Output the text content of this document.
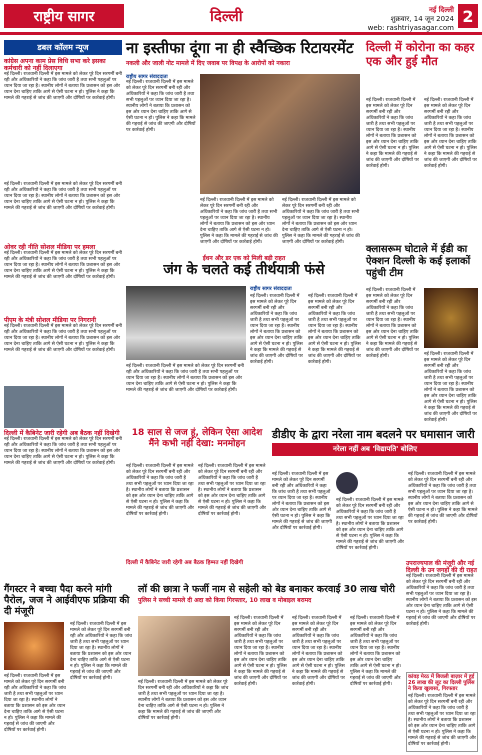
राष्ट्रीय सागर	दिल्ली	नई दिल्ली
शुक्रवार, 14 जून 2024
web: rashtriyasagar.com
2
डबल कॉलम न्यूज
कांग्रेस अपना काम प्रेस विधि सभा करे इसका कर्मचारी को नहीं दिलाएगा
नई दिल्ली। राजधानी दिल्ली में इस मामले को लेकर पूरे दिन सरगर्मी बनी रही और अधिकारियों ने कहा कि जांच जारी है तथा सभी पहलुओं पर ध्यान दिया जा रहा है। स्थानीय लोगों ने बताया कि प्रशासन को इस ओर ध्यान देना चाहिए ताकि आगे से ऐसी घटना न हो। पुलिस ने कहा कि मामले की गहराई से जांच की जाएगी और दोषियों पर कार्रवाई होगी।
नई दिल्ली। राजधानी दिल्ली में इस मामले को लेकर पूरे दिन सरगर्मी बनी रही और अधिकारियों ने कहा कि जांच जारी है तथा सभी पहलुओं पर ध्यान दिया जा रहा है। स्थानीय लोगों ने बताया कि प्रशासन को इस ओर ध्यान देना चाहिए ताकि आगे से ऐसी घटना न हो। पुलिस ने कहा कि मामले की गहराई से जांच की जाएगी और दोषियों पर कार्रवाई होगी।
ओवर रही नीति सोशल मीडिया पर हमला
नई दिल्ली। राजधानी दिल्ली में इस मामले को लेकर पूरे दिन सरगर्मी बनी रही और अधिकारियों ने कहा कि जांच जारी है तथा सभी पहलुओं पर ध्यान दिया जा रहा है। स्थानीय लोगों ने बताया कि प्रशासन को इस ओर ध्यान देना चाहिए ताकि आगे से ऐसी घटना न हो। पुलिस ने कहा कि मामले की गहराई से जांच की जाएगी और दोषियों पर कार्रवाई होगी।
पीएम के मंत्री सोशल मीडिया पर निगरानी
नई दिल्ली। राजधानी दिल्ली में इस मामले को लेकर पूरे दिन सरगर्मी बनी रही और अधिकारियों ने कहा कि जांच जारी है तथा सभी पहलुओं पर ध्यान दिया जा रहा है। स्थानीय लोगों ने बताया कि प्रशासन को इस ओर ध्यान देना चाहिए ताकि आगे से ऐसी घटना न हो। पुलिस ने कहा कि मामले की गहराई से जांच की जाएगी और दोषियों पर कार्रवाई होगी।
दिल्ली में कैबिनेट जारी रहेगी अब बैठक नहीं दिखेगी
नई दिल्ली। राजधानी दिल्ली में इस मामले को लेकर पूरे दिन सरगर्मी बनी रही और अधिकारियों ने कहा कि जांच जारी है तथा सभी पहलुओं पर ध्यान दिया जा रहा है। स्थानीय लोगों ने बताया कि प्रशासन को इस ओर ध्यान देना चाहिए ताकि आगे से ऐसी घटना न हो। पुलिस ने कहा कि मामले की गहराई से जांच की जाएगी और दोषियों पर कार्रवाई होगी।
ना इस्तीफा दूंगा ना ही स्वैच्छिक रिटायरमेंट
नकली और जाली नोट मामले में दिए जवाब पर विपक्ष के आरोपों को नकारा
राष्ट्रीय सागर संवाददाता
नई दिल्ली। राजधानी दिल्ली में इस मामले को लेकर पूरे दिन सरगर्मी बनी रही और अधिकारियों ने कहा कि जांच जारी है तथा सभी पहलुओं पर ध्यान दिया जा रहा है। स्थानीय लोगों ने बताया कि प्रशासन को इस ओर ध्यान देना चाहिए ताकि आगे से ऐसी घटना न हो। पुलिस ने कहा कि मामले की गहराई से जांच की जाएगी और दोषियों पर कार्रवाई होगी।
नई दिल्ली। राजधानी दिल्ली में इस मामले को लेकर पूरे दिन सरगर्मी बनी रही और अधिकारियों ने कहा कि जांच जारी है तथा सभी पहलुओं पर ध्यान दिया जा रहा है। स्थानीय लोगों ने बताया कि प्रशासन को इस ओर ध्यान देना चाहिए ताकि आगे से ऐसी घटना न हो। पुलिस ने कहा कि मामले की गहराई से जांच की जाएगी और दोषियों पर कार्रवाई होगी।
नई दिल्ली। राजधानी दिल्ली में इस मामले को लेकर पूरे दिन सरगर्मी बनी रही और अधिकारियों ने कहा कि जांच जारी है तथा सभी पहलुओं पर ध्यान दिया जा रहा है। स्थानीय लोगों ने बताया कि प्रशासन को इस ओर ध्यान देना चाहिए ताकि आगे से ऐसी घटना न हो। पुलिस ने कहा कि मामले की गहराई से जांच की जाएगी और दोषियों पर कार्रवाई होगी।
दिल्ली में कोरोना का कहर एक और हुई मौत
नई दिल्ली। राजधानी दिल्ली में इस मामले को लेकर पूरे दिन सरगर्मी बनी रही और अधिकारियों ने कहा कि जांच जारी है तथा सभी पहलुओं पर ध्यान दिया जा रहा है। स्थानीय लोगों ने बताया कि प्रशासन को इस ओर ध्यान देना चाहिए ताकि आगे से ऐसी घटना न हो। पुलिस ने कहा कि मामले की गहराई से जांच की जाएगी और दोषियों पर कार्रवाई होगी।
नई दिल्ली। राजधानी दिल्ली में इस मामले को लेकर पूरे दिन सरगर्मी बनी रही और अधिकारियों ने कहा कि जांच जारी है तथा सभी पहलुओं पर ध्यान दिया जा रहा है। स्थानीय लोगों ने बताया कि प्रशासन को इस ओर ध्यान देना चाहिए ताकि आगे से ऐसी घटना न हो। पुलिस ने कहा कि मामले की गहराई से जांच की जाएगी और दोषियों पर कार्रवाई होगी।
ईंधन और डर एक को मिली बड़ी राहत
जंग के चलते कई तीर्थयात्री फंसे
राष्ट्रीय सागर संवाददाता
नई दिल्ली। राजधानी दिल्ली में इस मामले को लेकर पूरे दिन सरगर्मी बनी रही और अधिकारियों ने कहा कि जांच जारी है तथा सभी पहलुओं पर ध्यान दिया जा रहा है। स्थानीय लोगों ने बताया कि प्रशासन को इस ओर ध्यान देना चाहिए ताकि आगे से ऐसी घटना न हो। पुलिस ने कहा कि मामले की गहराई से जांच की जाएगी और दोषियों पर कार्रवाई होगी।
नई दिल्ली। राजधानी दिल्ली में इस मामले को लेकर पूरे दिन सरगर्मी बनी रही और अधिकारियों ने कहा कि जांच जारी है तथा सभी पहलुओं पर ध्यान दिया जा रहा है। स्थानीय लोगों ने बताया कि प्रशासन को इस ओर ध्यान देना चाहिए ताकि आगे से ऐसी घटना न हो। पुलिस ने कहा कि मामले की गहराई से जांच की जाएगी और दोषियों पर कार्रवाई होगी।
नई दिल्ली। राजधानी दिल्ली में इस मामले को लेकर पूरे दिन सरगर्मी बनी रही और अधिकारियों ने कहा कि जांच जारी है तथा सभी पहलुओं पर ध्यान दिया जा रहा है। स्थानीय लोगों ने बताया कि प्रशासन को इस ओर ध्यान देना चाहिए ताकि आगे से ऐसी घटना न हो। पुलिस ने कहा कि मामले की गहराई से जांच की जाएगी और दोषियों पर कार्रवाई होगी।
क्लासरूम घोटाले में ईडी का ऐक्शन दिल्ली के कई इलाकों पहुंची टीम
नई दिल्ली। राजधानी दिल्ली में इस मामले को लेकर पूरे दिन सरगर्मी बनी रही और अधिकारियों ने कहा कि जांच जारी है तथा सभी पहलुओं पर ध्यान दिया जा रहा है। स्थानीय लोगों ने बताया कि प्रशासन को इस ओर ध्यान देना चाहिए ताकि आगे से ऐसी घटना न हो। पुलिस ने कहा कि मामले की गहराई से जांच की जाएगी और दोषियों पर कार्रवाई होगी।	नई दिल्ली। राजधानी दिल्ली में इस मामले को लेकर पूरे दिन सरगर्मी बनी रही और अधिकारियों ने कहा कि जांच जारी है तथा सभी पहलुओं पर ध्यान दिया जा रहा है। स्थानीय लोगों ने बताया कि प्रशासन को इस ओर ध्यान देना चाहिए ताकि आगे से ऐसी घटना न हो। पुलिस ने कहा कि मामले की गहराई से जांच की जाएगी और दोषियों पर कार्रवाई होगी।
18 साल से जज हूं, लेकिन ऐसा आदेश मैंने कभी नहीं देखा: मनमोहन
नई दिल्ली। राजधानी दिल्ली में इस मामले को लेकर पूरे दिन सरगर्मी बनी रही और अधिकारियों ने कहा कि जांच जारी है तथा सभी पहलुओं पर ध्यान दिया जा रहा है। स्थानीय लोगों ने बताया कि प्रशासन को इस ओर ध्यान देना चाहिए ताकि आगे से ऐसी घटना न हो। पुलिस ने कहा कि मामले की गहराई से जांच की जाएगी और दोषियों पर कार्रवाई होगी।
नई दिल्ली। राजधानी दिल्ली में इस मामले को लेकर पूरे दिन सरगर्मी बनी रही और अधिकारियों ने कहा कि जांच जारी है तथा सभी पहलुओं पर ध्यान दिया जा रहा है। स्थानीय लोगों ने बताया कि प्रशासन को इस ओर ध्यान देना चाहिए ताकि आगे से ऐसी घटना न हो। पुलिस ने कहा कि मामले की गहराई से जांच की जाएगी और दोषियों पर कार्रवाई होगी।
डीडीए के द्वारा नरेला नाम बदलने पर घमासान जारी
नरेला नहीं अब 'विद्यापति' बोलिए
नई दिल्ली। राजधानी दिल्ली में इस मामले को लेकर पूरे दिन सरगर्मी बनी रही और अधिकारियों ने कहा कि जांच जारी है तथा सभी पहलुओं पर ध्यान दिया जा रहा है। स्थानीय लोगों ने बताया कि प्रशासन को इस ओर ध्यान देना चाहिए ताकि आगे से ऐसी घटना न हो। पुलिस ने कहा कि मामले की गहराई से जांच की जाएगी और दोषियों पर कार्रवाई होगी।
नई दिल्ली। राजधानी दिल्ली में इस मामले को लेकर पूरे दिन सरगर्मी बनी रही और अधिकारियों ने कहा कि जांच जारी है तथा सभी पहलुओं पर ध्यान दिया जा रहा है। स्थानीय लोगों ने बताया कि प्रशासन को इस ओर ध्यान देना चाहिए ताकि आगे से ऐसी घटना न हो। पुलिस ने कहा कि मामले की गहराई से जांच की जाएगी और दोषियों पर कार्रवाई होगी।
नई दिल्ली। राजधानी दिल्ली में इस मामले को लेकर पूरे दिन सरगर्मी बनी रही और अधिकारियों ने कहा कि जांच जारी है तथा सभी पहलुओं पर ध्यान दिया जा रहा है। स्थानीय लोगों ने बताया कि प्रशासन को इस ओर ध्यान देना चाहिए ताकि आगे से ऐसी घटना न हो। पुलिस ने कहा कि मामले की गहराई से जांच की जाएगी और दोषियों पर कार्रवाई होगी।
दिल्ली में कैबिनेट जारी रहेगी अब बैठक हिम्मत नहीं दिखेगी	उपराज्यपाल की मंजूरी और नई दिल्ली के उन जगहों की दी राहत
नई दिल्ली। राजधानी दिल्ली में इस मामले को लेकर पूरे दिन सरगर्मी बनी रही और अधिकारियों ने कहा कि जांच जारी है तथा सभी पहलुओं पर ध्यान दिया जा रहा है। स्थानीय लोगों ने बताया कि प्रशासन को इस ओर ध्यान देना चाहिए ताकि आगे से ऐसी घटना न हो। पुलिस ने कहा कि मामले की गहराई से जांच की जाएगी और दोषियों पर कार्रवाई होगी।
गैंगस्टर ने बच्चा पैदा करने मांगी पैरोल, जज ने आईवीएफ प्रक्रिया की दी मंजूरी
नई दिल्ली। राजधानी दिल्ली में इस मामले को लेकर पूरे दिन सरगर्मी बनी रही और अधिकारियों ने कहा कि जांच जारी है तथा सभी पहलुओं पर ध्यान दिया जा रहा है। स्थानीय लोगों ने बताया कि प्रशासन को इस ओर ध्यान देना चाहिए ताकि आगे से ऐसी घटना न हो। पुलिस ने कहा कि मामले की गहराई से जांच की जाएगी और दोषियों पर कार्रवाई होगी।
नई दिल्ली। राजधानी दिल्ली में इस मामले को लेकर पूरे दिन सरगर्मी बनी रही और अधिकारियों ने कहा कि जांच जारी है तथा सभी पहलुओं पर ध्यान दिया जा रहा है। स्थानीय लोगों ने बताया कि प्रशासन को इस ओर ध्यान देना चाहिए ताकि आगे से ऐसी घटना न हो। पुलिस ने कहा कि मामले की गहराई से जांच की जाएगी और दोषियों पर कार्रवाई होगी।
लॉ की छात्रा ने फर्जी नाम से सहेली को बेड बनाकर करवाई 30 लाख चोरी
पुलिस ने सच्ची मामले दी अदा को किया गिरफ्तार, 10 लाख व मोबाइल बरामद
नई दिल्ली। राजधानी दिल्ली में इस मामले को लेकर पूरे दिन सरगर्मी बनी रही और अधिकारियों ने कहा कि जांच जारी है तथा सभी पहलुओं पर ध्यान दिया जा रहा है। स्थानीय लोगों ने बताया कि प्रशासन को इस ओर ध्यान देना चाहिए ताकि आगे से ऐसी घटना न हो। पुलिस ने कहा कि मामले की गहराई से जांच की जाएगी और दोषियों पर कार्रवाई होगी।
नई दिल्ली। राजधानी दिल्ली में इस मामले को लेकर पूरे दिन सरगर्मी बनी रही और अधिकारियों ने कहा कि जांच जारी है तथा सभी पहलुओं पर ध्यान दिया जा रहा है। स्थानीय लोगों ने बताया कि प्रशासन को इस ओर ध्यान देना चाहिए ताकि आगे से ऐसी घटना न हो। पुलिस ने कहा कि मामले की गहराई से जांच की जाएगी और दोषियों पर कार्रवाई होगी।
नई दिल्ली। राजधानी दिल्ली में इस मामले को लेकर पूरे दिन सरगर्मी बनी रही और अधिकारियों ने कहा कि जांच जारी है तथा सभी पहलुओं पर ध्यान दिया जा रहा है। स्थानीय लोगों ने बताया कि प्रशासन को इस ओर ध्यान देना चाहिए ताकि आगे से ऐसी घटना न हो। पुलिस ने कहा कि मामले की गहराई से जांच की जाएगी और दोषियों पर कार्रवाई होगी।
नई दिल्ली। राजधानी दिल्ली में इस मामले को लेकर पूरे दिन सरगर्मी बनी रही और अधिकारियों ने कहा कि जांच जारी है तथा सभी पहलुओं पर ध्यान दिया जा रहा है। स्थानीय लोगों ने बताया कि प्रशासन को इस ओर ध्यान देना चाहिए ताकि आगे से ऐसी घटना न हो। पुलिस ने कहा कि मामले की गहराई से जांच की जाएगी और दोषियों पर कार्रवाई होगी।
कांवड़ मेरठ में बिजली बाज़ार में हुई 26 लाख की लूट का दिल्ली पुलिस ने किया खुलासा, गिरफ्तार
नई दिल्ली। राजधानी दिल्ली में इस मामले को लेकर पूरे दिन सरगर्मी बनी रही और अधिकारियों ने कहा कि जांच जारी है तथा सभी पहलुओं पर ध्यान दिया जा रहा है। स्थानीय लोगों ने बताया कि प्रशासन को इस ओर ध्यान देना चाहिए ताकि आगे से ऐसी घटना न हो। पुलिस ने कहा कि मामले की गहराई से जांच की जाएगी और दोषियों पर कार्रवाई होगी।
